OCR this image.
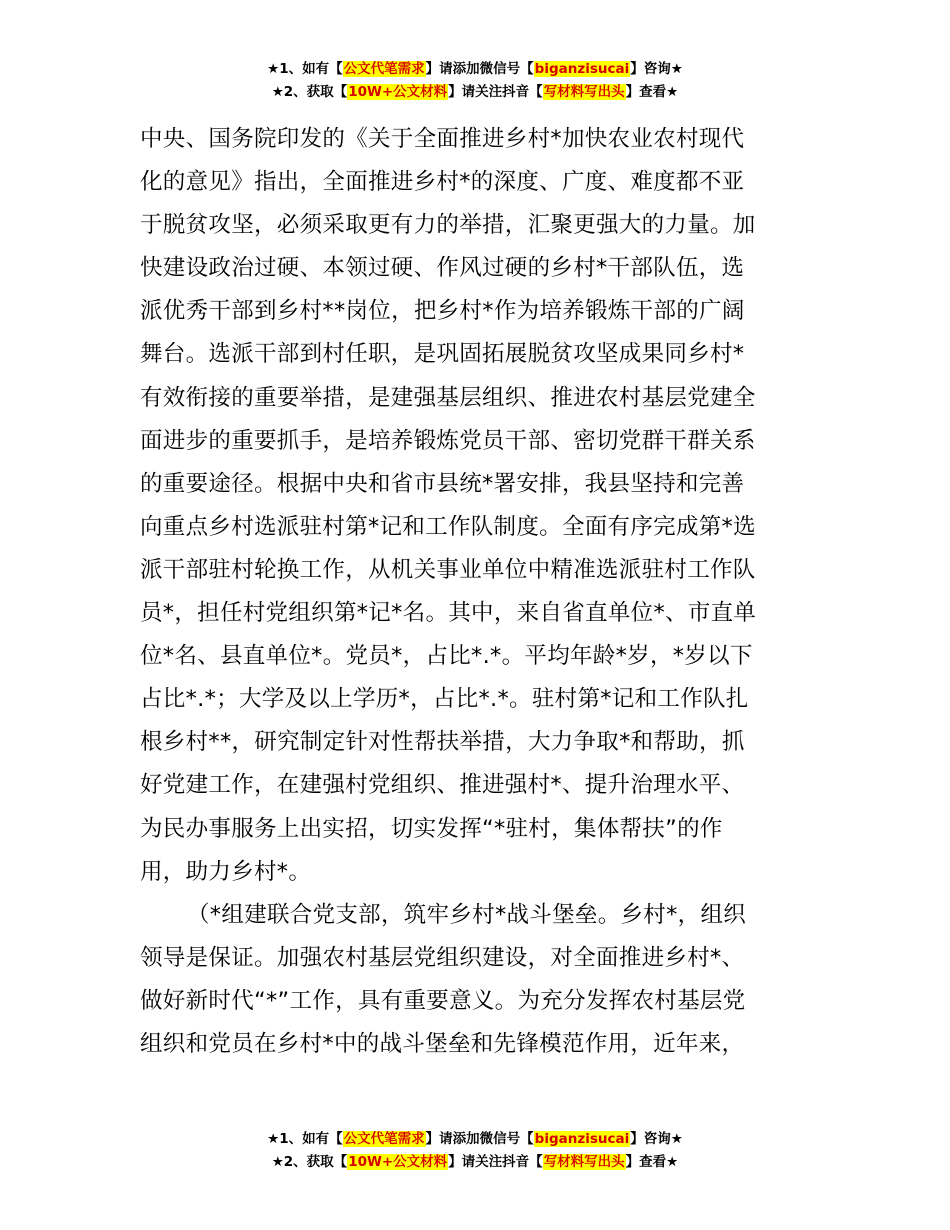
★1、如有【公文代笔需求】请添加微信号【biganzisucai】咨询★
★2、获取【10W+公文材料】请关注抖音【写材料写出头】查看★

中央、国务院印发的《关于全面推进乡村*加快农业农村现代
化的意见》指出，全面推进乡村*的深度、广度、难度都不亚
于脱贫攻坚，必须采取更有力的举措，汇聚更强大的力量。加
快建设政治过硬、本领过硬、作风过硬的乡村*干部队伍，选
派优秀干部到乡村**岗位，把乡村*作为培养锻炼干部的广阔
舞台。选派干部到村任职，是巩固拓展脱贫攻坚成果同乡村*
有效衔接的重要举措，是建强基层组织、推进农村基层党建全
面进步的重要抓手，是培养锻炼党员干部、密切党群干群关系
的重要途径。根据中央和省市县统*署安排，我县坚持和完善
向重点乡村选派驻村第*记和工作队制度。全面有序完成第*选
派干部驻村轮换工作，从机关事业单位中精准选派驻村工作队
员*，担任村党组织第*记*名。其中，来自省直单位*、市直单
位*名、县直单位*。党员*，占比*.*。平均年龄*岁，*岁以下
占比*.*；大学及以上学历*，占比*.*。驻村第*记和工作队扎
根乡村**，研究制定针对性帮扶举措，大力争取*和帮助，抓
好党建工作，在建强村党组织、推进强村*、提升治理水平、
为民办事服务上出实招，切实发挥“*驻村，集体帮扶”的作
用，助力乡村*。

（*组建联合党支部，筑牢乡村*战斗堡垒。乡村*，组织
领导是保证。加强农村基层党组织建设，对全面推进乡村*、
做好新时代“*”工作，具有重要意义。为充分发挥农村基层党
组织和党员在乡村*中的战斗堡垒和先锋模范作用，近年来，

★1、如有【公文代笔需求】请添加微信号【biganzisucai】咨询★
★2、获取【10W+公文材料】请关注抖音【写材料写出头】查看★
